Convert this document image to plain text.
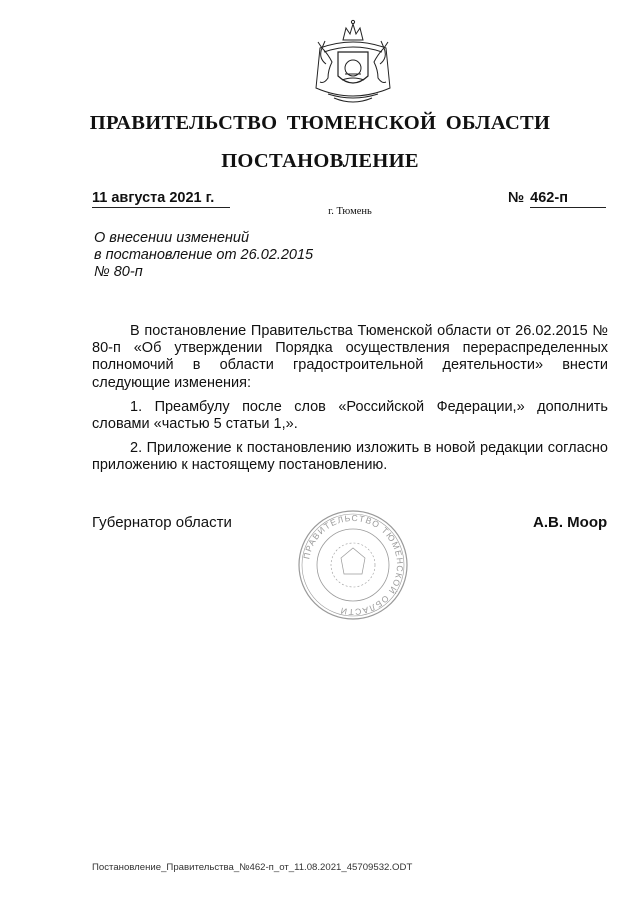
ПРАВИТЕЛЬСТВО ТЮМЕНСКОЙ ОБЛАСТИ
ПОСТАНОВЛЕНИЕ
11 августа 2021 г.	№ 462-п
г. Тюмень
О внесении изменений
в постановление от 26.02.2015
№ 80-п

В постановление Правительства Тюменской области от 26.02.2015 № 80-п «Об утверждении Порядка осуществления перераспределенных полномочий в области градостроительной деятельности» внести следующие изменения:

1. Преамбулу после слов «Российской Федерации,» дополнить словами «частью 5 статьи 1,».

2. Приложение к постановлению изложить в новой редакции согласно приложению к настоящему постановлению.

ПРАВИТЕЛЬСТВО ТЮМЕНСКОЙ ОБЛАСТИ
Губернатор области	А.В. Моор
Постановление_Правительства_№462-п_от_11.08.2021_45709532.ODT
